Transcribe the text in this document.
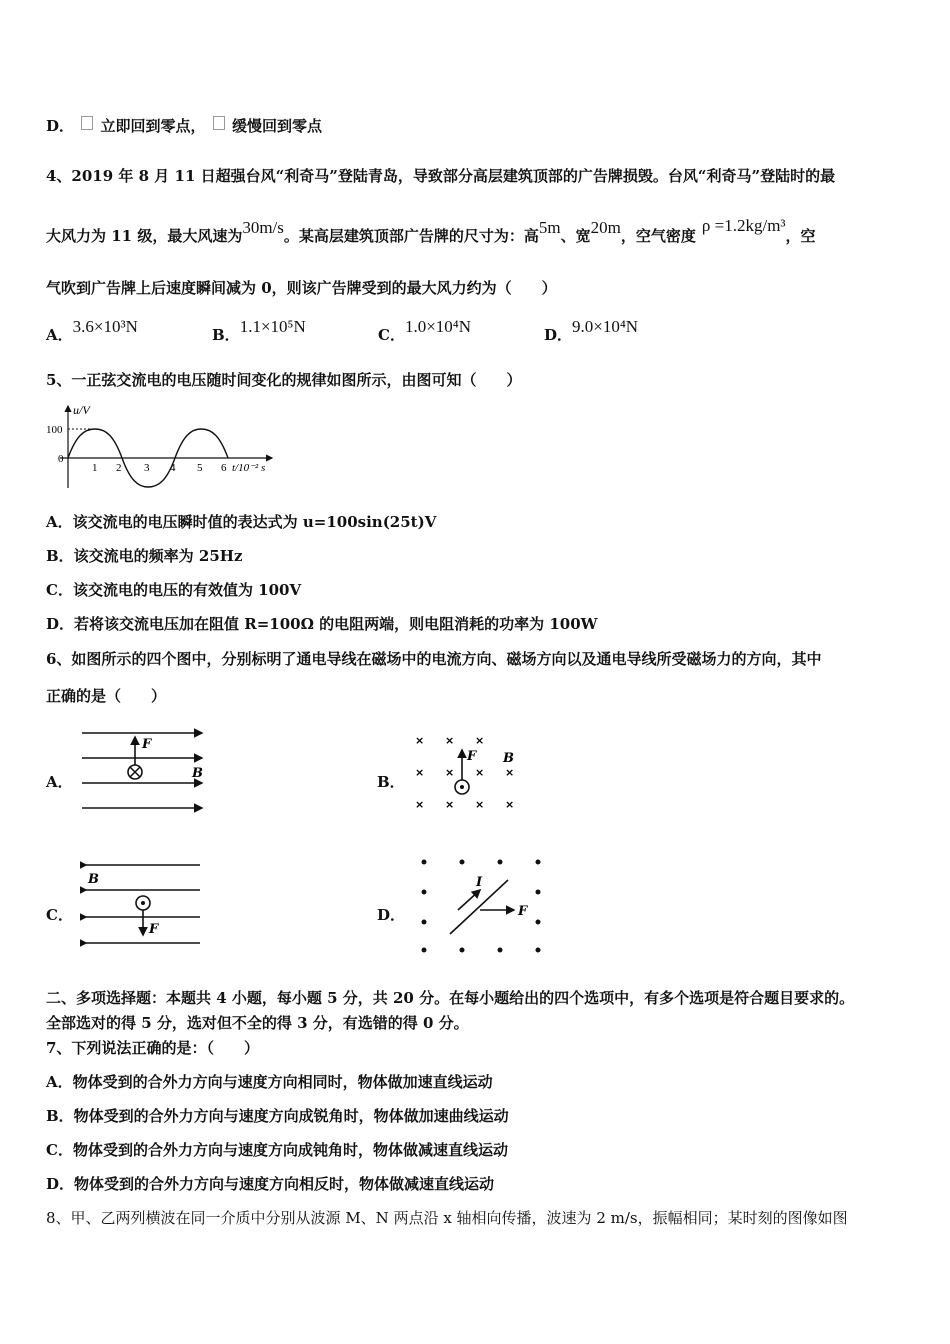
D． 立即回到零点， 缓慢回到零点
4、2019 年 8 月 11 日超强台风“利奇马”登陆青岛，导致部分高层建筑顶部的广告牌损毁。台风“利奇马”登陆时的最
大风力为 11 级，最大风速为30m/s。某高层建筑顶部广告牌的尺寸为：高5m、宽20m，空气密度ρ =1.2kg/m³，空
气吹到广告牌上后速度瞬间减为 0，则该广告牌受到的最大风力约为（　　）
A．3.6×10³N	B．1.1×10⁵N	C．1.0×10⁴N	D．9.0×10⁴N
5、一正弦交流电的电压随时间变化的规律如图所示，由图可知（　　）
u/V
100
0
1 2 3 4 5 6 t/10⁻² s
A．该交流电的电压瞬时值的表达式为 u=100sin(25t)V
B．该交流电的频率为 25Hz
C．该交流电的电压的有效值为 100V
D．若将该交流电压加在阻值 R=100Ω 的电阻两端，则电阻消耗的功率为 100W
6、如图所示的四个图中，分别标明了通电导线在磁场中的电流方向、磁场方向以及通电导线所受磁场力的方向，其中
正确的是（　　）
A．
F
B	B．
× × ×
× × × ×
× × × ×
F B
C．
B
F
D．
I
F
二、多项选择题：本题共 4 小题，每小题 5 分，共 20 分。在每小题给出的四个选项中，有多个选项是符合题目要求的。
全部选对的得 5 分，选对但不全的得 3 分，有选错的得 0 分。
7、下列说法正确的是：（　　）
A．物体受到的合外力方向与速度方向相同时，物体做加速直线运动
B．物体受到的合外力方向与速度方向成锐角时，物体做加速曲线运动
C．物体受到的合外力方向与速度方向成钝角时，物体做减速直线运动
D．物体受到的合外力方向与速度方向相反时，物体做减速直线运动
8、甲、乙两列横波在同一介质中分别从波源 M、N 两点沿 x 轴相向传播，波速为 2 m/s，振幅相同；某时刻的图像如图
